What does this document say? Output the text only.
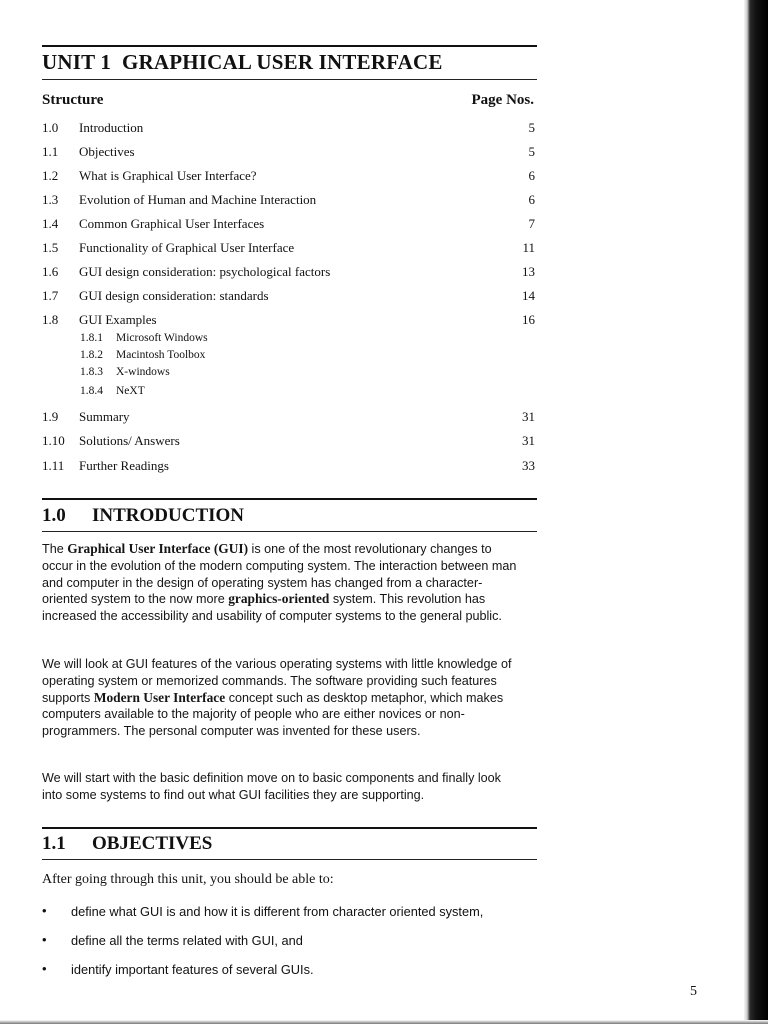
UNIT 1  GRAPHICAL USER INTERFACE
Structure	Page Nos.
1.0 Introduction	5
1.1 Objectives	5
1.2 What is Graphical User Interface?	6
1.3 Evolution of Human and Machine Interaction	6
1.4 Common Graphical User Interfaces	7
1.5 Functionality of Graphical User Interface	11
1.6 GUI design consideration: psychological factors	13
1.7 GUI design consideration: standards	14
1.8 GUI Examples	16
1.8.1 Microsoft Windows
1.8.2 Macintosh Toolbox
1.8.3 X-windows
1.8.4 NeXT
1.9 Summary	31
1.10 Solutions/ Answers	31
1.11 Further Readings	33
1.0 INTRODUCTION

The Graphical User Interface (GUI) is one of the most revolutionary changes to occur in the evolution of the modern computing system. The interaction between man and computer in the design of operating system has changed from a character-oriented system to the now more graphics-oriented system. This revolution has increased the accessibility and usability of computer systems to the general public.

We will look at GUI features of the various operating systems with little knowledge of operating system or memorized commands. The software providing such features supports Modern User Interface concept such as desktop metaphor, which makes computers available to the majority of people who are either novices or non-programmers. The personal computer was invented for these users.

We will start with the basic definition move on to basic components and finally look into some systems to find out what GUI facilities they are supporting.

1.1 OBJECTIVES
After going through this unit, you should be able to:
• define what GUI is and how it is different from character oriented system,
• define all the terms related with GUI, and
• identify important features of several GUIs.
5
